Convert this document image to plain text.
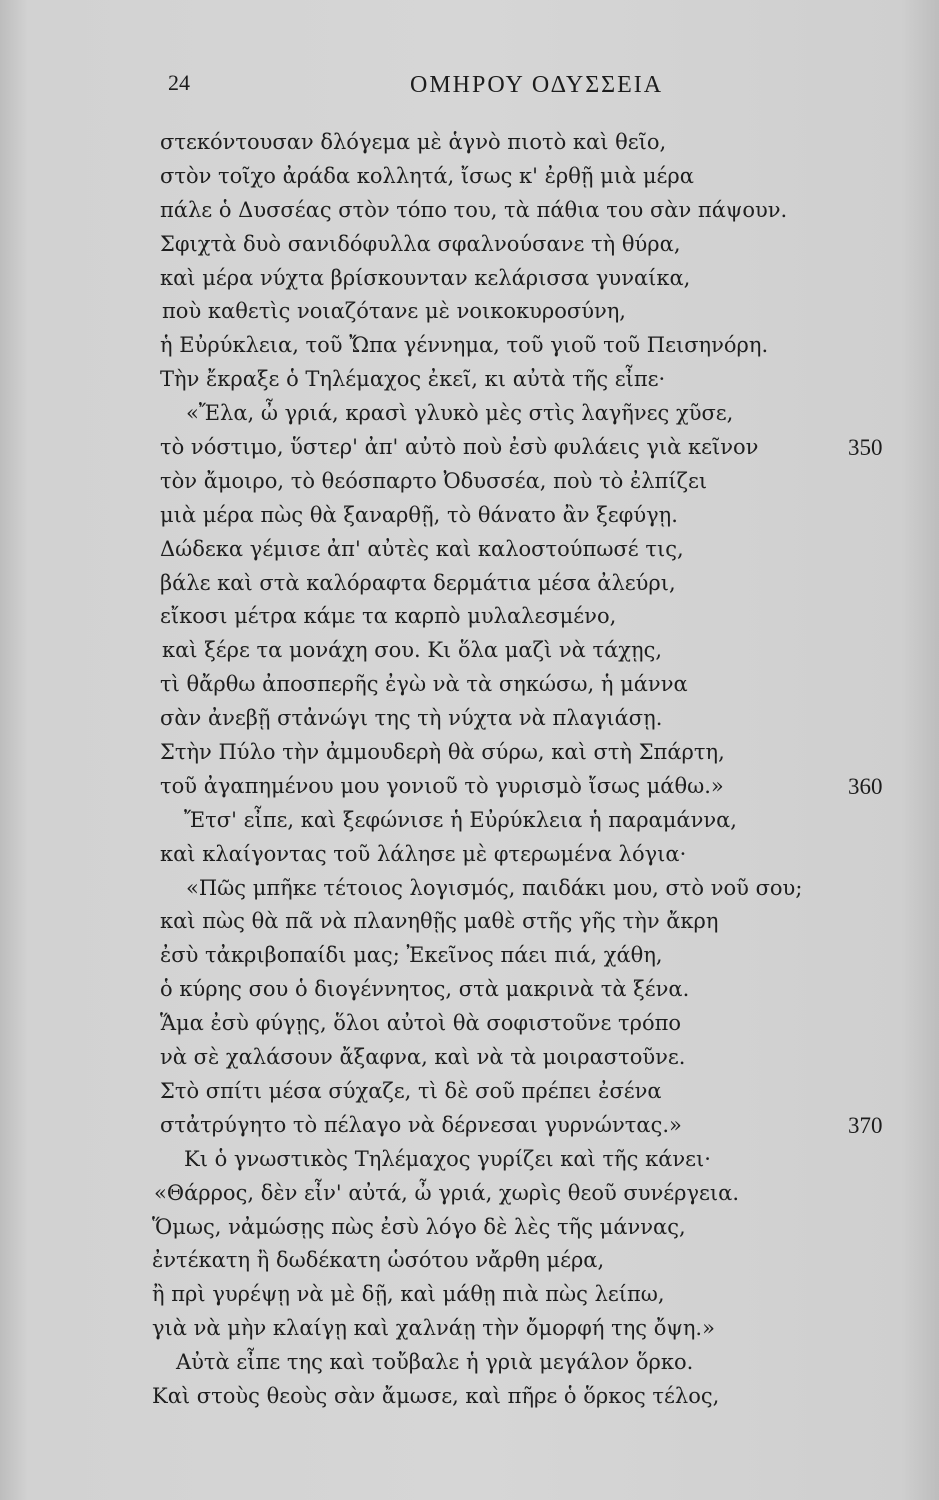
24	ΟΜΗΡΟΥ ΟΔΥΣΣΕΙΑ
στεκόντουσαν δλόγεμα μὲ ἁγνὸ πιοτὸ καὶ θεῖο,
στὸν τοῖχο ἀράδα κολλητά, ἴσως κ' ἐρθῇ μιὰ μέρα
πάλε ὁ Δυσσέας στὸν τόπο του, τὰ πάθια του σὰν πάψουν.
Σφιχτὰ δυὸ σανιδόφυλλα σφαλνούσανε τὴ θύρα,
καὶ μέρα νύχτα βρίσκουνταν κελάρισσα γυναίκα,
ποὺ καθετὶς νοιαζότανε μὲ νοικοκυροσύνη,
ἡ Εὐρύκλεια, τοῦ Ὤπα γέννημα, τοῦ γιοῦ τοῦ Πεισηνόρη.
Τὴν ἔκραξε ὁ Τηλέμαχος ἐκεῖ, κι αὐτὰ τῆς εἶπε·
«Ἔλα, ὦ γριά, κρασὶ γλυκὸ μὲς στὶς λαγῆνες χῦσε,
τὸ νόστιμο, ὕστερ' ἀπ' αὐτὸ ποὺ ἐσὺ φυλάεις γιὰ κεῖνον	350
τὸν ἄμοιρο, τὸ θεόσπαρτο Ὀδυσσέα, ποὺ τὸ ἐλπίζει
μιὰ μέρα πὼς θὰ ξαναρθῇ, τὸ θάνατο ἂν ξεφύγῃ.
Δώδεκα γέμισε ἀπ' αὐτὲς καὶ καλοστούπωσέ τις,
βάλε καὶ στὰ καλόραφτα δερμάτια μέσα ἀλεύρι,
εἴκοσι μέτρα κάμε τα καρπὸ μυλαλεσμένο,
καὶ ξέρε τα μονάχη σου. Κι ὅλα μαζὶ νὰ τάχῃς,
τὶ θἄρθω ἀποσπερῆς ἐγὼ νὰ τὰ σηκώσω, ἡ μάννα
σὰν ἀνεβῇ στἀνώγι της τὴ νύχτα νὰ πλαγιάσῃ.
Στὴν Πύλο τὴν ἀμμουδερὴ θὰ σύρω, καὶ στὴ Σπάρτη,
τοῦ ἀγαπημένου μου γονιοῦ τὸ γυρισμὸ ἴσως μάθω.»	360
Ἔτσ' εἶπε, καὶ ξεφώνισε ἡ Εὐρύκλεια ἡ παραμάννα,
καὶ κλαίγοντας τοῦ λάλησε μὲ φτερωμένα λόγια·
«Πῶς μπῆκε τέτοιος λογισμός, παιδάκι μου, στὸ νοῦ σου;
καὶ πὼς θὰ πᾶ νὰ πλανηθῇς μαθὲ στῆς γῆς τὴν ἄκρη
ἐσὺ τἀκριβοπαίδι μας; Ἐκεῖνος πάει πιά, χάθη,
ὁ κύρης σου ὁ διογέννητος, στὰ μακρινὰ τὰ ξένα.
Ἅμα ἐσὺ φύγῃς, ὅλοι αὐτοὶ θὰ σοφιστοῦνε τρόπο
νὰ σὲ χαλάσουν ἄξαφνα, καὶ νὰ τὰ μοιραστοῦνε.
Στὸ σπίτι μέσα σύχαζε, τὶ δὲ σοῦ πρέπει ἐσένα
στἀτρύγητο τὸ πέλαγο νὰ δέρνεσαι γυρνώντας.»	370
Κι ὁ γνωστικὸς Τηλέμαχος γυρίζει καὶ τῆς κάνει·
«Θάρρος, δὲν εἶν' αὐτά, ὦ γριά, χωρὶς θεοῦ συνέργεια.
Ὅμως, νἀμώσῃς πὼς ἐσὺ λόγο δὲ λὲς τῆς μάννας,
ἐντέκατη ἢ δωδέκατη ὡσότου νἄρθη μέρα,
ἢ πρὶ γυρέψῃ νὰ μὲ δῇ, καὶ μάθῃ πιὰ πὼς λείπω,
γιὰ νὰ μὴν κλαίγῃ καὶ χαλνάῃ τὴν ὄμορφή της ὄψη.»
Αὐτὰ εἶπε της καὶ τοὔβαλε ἡ γριὰ μεγάλον ὅρκο.
Καὶ στοὺς θεοὺς σὰν ἄμωσε, καὶ πῆρε ὁ ὅρκος τέλος,
